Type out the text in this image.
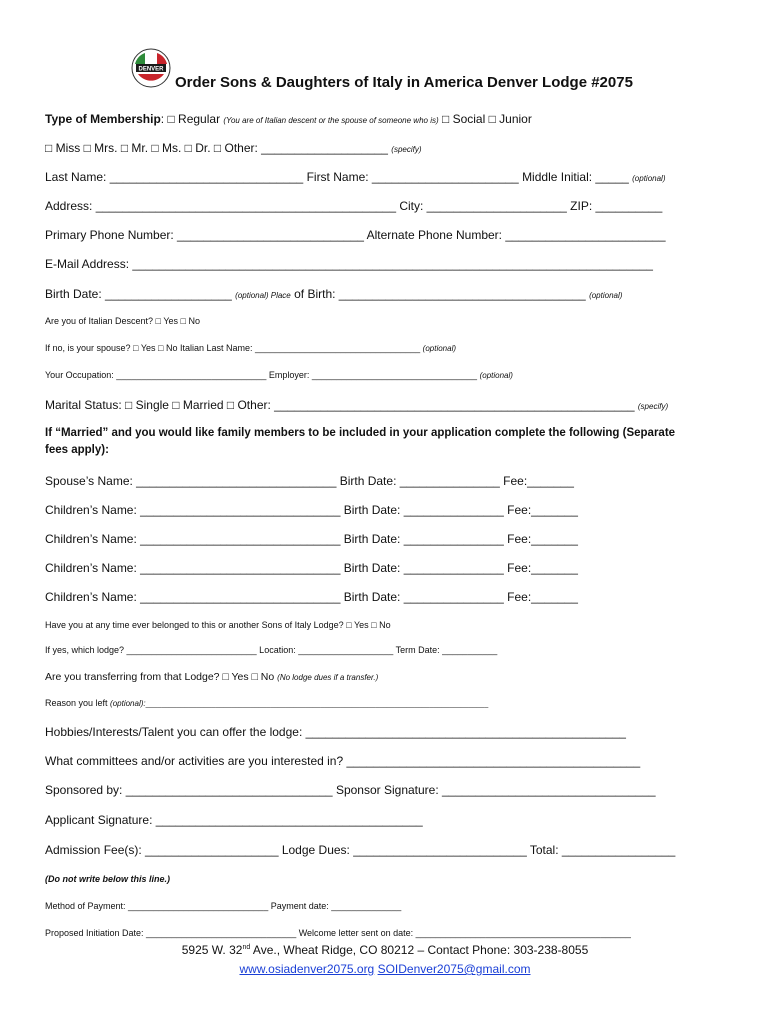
DENVER
Order Sons & Daughters of Italy in America Denver Lodge #2075
Type of Membership: □ Regular (You are of Italian descent or the spouse of someone who is) □ Social □ Junior
□ Miss □ Mrs. □ Mr. □ Ms. □ Dr. □ Other: ___________________ (specify)
Last Name: _____________________________ First Name: ______________________ Middle Initial: _____ (optional)
Address: _____________________________________________ City: _____________________ ZIP: __________
Primary Phone Number: ____________________________ Alternate Phone Number: ________________________
E-Mail Address: ______________________________________________________________________________
Birth Date: ___________________ (optional) Place of Birth: _____________________________________ (optional)
Are you of Italian Descent? □ Yes □ No
If no, is your spouse? □ Yes □ No Italian Last Name: _________________________________ (optional)
Your Occupation: ______________________________ Employer: _________________________________ (optional)
Marital Status: □ Single □ Married □ Other: ______________________________________________________ (specify)
If “Married” and you would like family members to be included in your application complete the following (Separate
fees apply):
Spouse’s Name: ______________________________ Birth Date: _______________ Fee:_______
Children’s Name: ______________________________ Birth Date: _______________ Fee:_______
Children’s Name: ______________________________ Birth Date: _______________ Fee:_______
Children’s Name: ______________________________ Birth Date: _______________ Fee:_______
Children’s Name: ______________________________ Birth Date: _______________ Fee:_______
Have you at any time ever belonged to this or another Sons of Italy Lodge? □ Yes □ No
If yes, which lodge? __________________________ Location: ___________________ Term Date: ___________
Are you transferring from that Lodge? □ Yes □ No (No lodge dues if a transfer.)
Reason you left (optional):________________________________________________________________________________________
Hobbies/Interests/Talent you can offer the lodge: ________________________________________________
What committees and/or activities are you interested in? ____________________________________________
Sponsored by: _______________________________ Sponsor Signature: ________________________________
Applicant Signature: ________________________________________
Admission Fee(s): ____________________ Lodge Dues: __________________________ Total: _________________
(Do not write below this line.)
Method of Payment: ____________________________ Payment date: ______________
Proposed Initiation Date: ______________________________ Welcome letter sent on date: ___________________________________________
5925 W. 32nd Ave., Wheat Ridge, CO 80212 – Contact Phone: 303-238-8055
www.osiadenver2075.org SOIDenver2075@gmail.com
